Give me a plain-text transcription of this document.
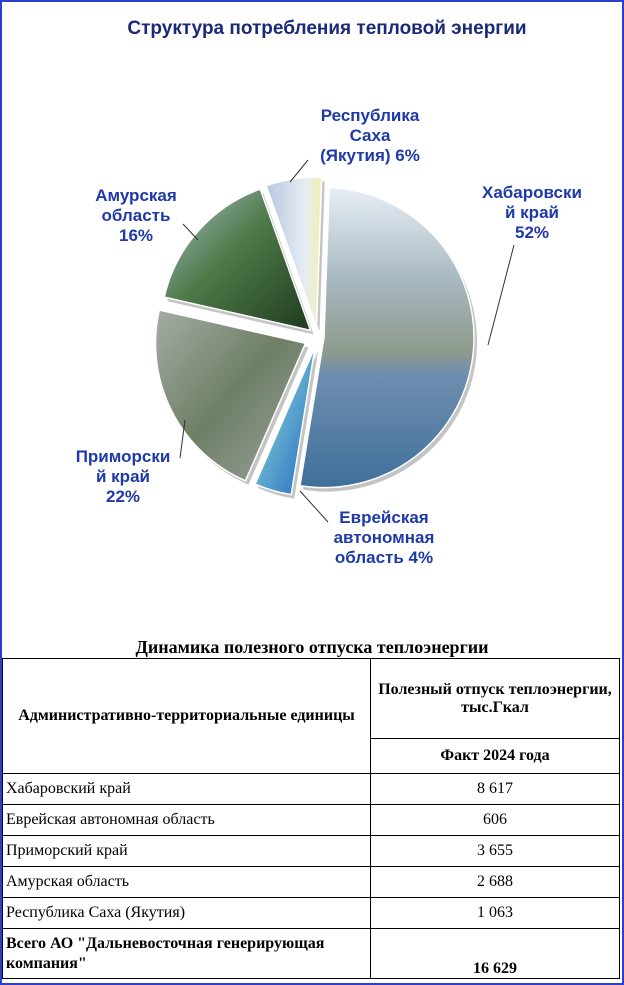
Структура потребления тепловой энергии
Хабаровски й край 52%
Еврейская автономная область 4%
Приморски й край 22%
Амурская область 16%
Республика Саха (Якутия) 6%
Динамика полезного отпуска теплоэнергии
Административно-территориальные единицы	Полезный отпуск теплоэнергии, тыс.Гкал
	Факт 2024 года
Хабаровский край	8 617
Еврейская автономная область	606
Приморский край	3 655
Амурская область	2 688
Республика Саха (Якутия)	1 063
Всего АО "Дальневосточная генерирующая компания"	16 629
